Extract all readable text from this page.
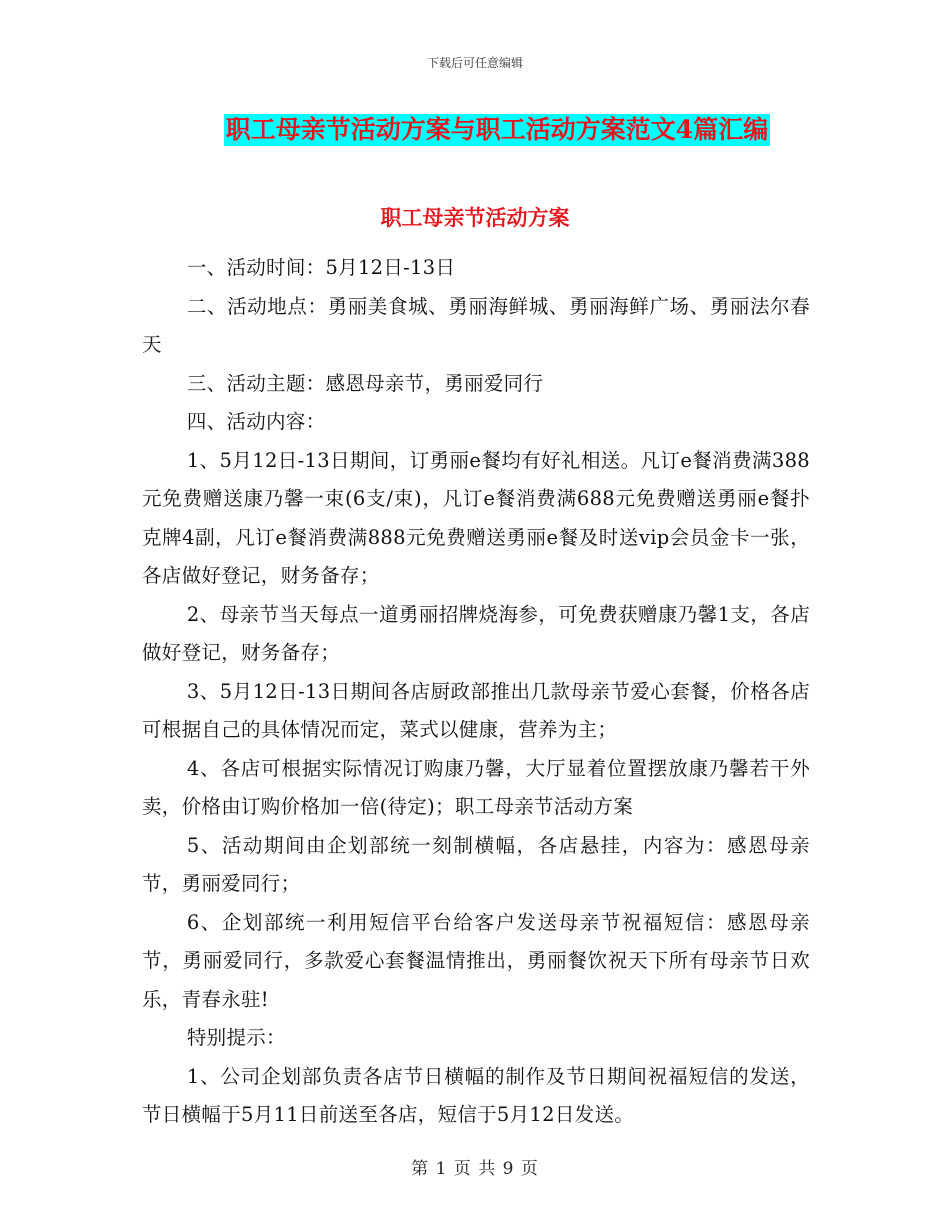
下载后可任意编辑
职工母亲节活动方案与职工活动方案范文4篇汇编
职工母亲节活动方案

一、活动时间：5月12日-13日

二、活动地点：勇丽美食城、勇丽海鲜城、勇丽海鲜广场、勇丽法尔春天

三、活动主题：感恩母亲节，勇丽爱同行

四、活动内容：

1、5月12日-13日期间，订勇丽e餐均有好礼相送。凡订e餐消费满388元免费赠送康乃馨一束(6支/束)，凡订e餐消费满688元免费赠送勇丽e餐扑克牌4副，凡订e餐消费满888元免费赠送勇丽e餐及时送vip会员金卡一张，各店做好登记，财务备存；

2、母亲节当天每点一道勇丽招牌烧海参，可免费获赠康乃馨1支，各店做好登记，财务备存；

3、5月12日-13日期间各店厨政部推出几款母亲节爱心套餐，价格各店可根据自己的具体情况而定，菜式以健康，营养为主；

4、各店可根据实际情况订购康乃馨，大厅显着位置摆放康乃馨若干外卖，价格由订购价格加一倍(待定)；职工母亲节活动方案

5、活动期间由企划部统一刻制横幅，各店悬挂，内容为：感恩母亲节，勇丽爱同行；

6、企划部统一利用短信平台给客户发送母亲节祝福短信：感恩母亲节，勇丽爱同行，多款爱心套餐温情推出，勇丽餐饮祝天下所有母亲节日欢乐，青春永驻!

特别提示：

1、公司企划部负责各店节日横幅的制作及节日期间祝福短信的发送，节日横幅于5月11日前送至各店，短信于5月12日发送。

第 1 页 共 9 页
